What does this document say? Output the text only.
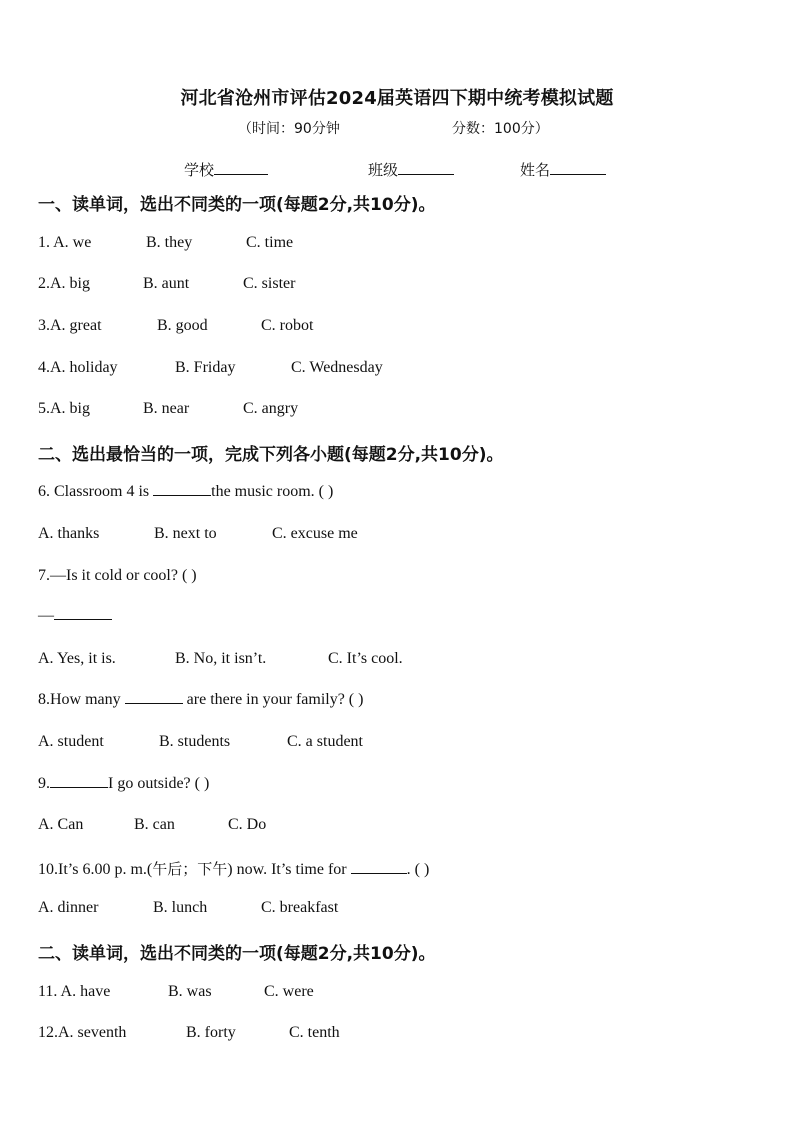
河北省沧州市评估2024届英语四下期中统考模拟试题
（时间：90分钟	分数：100分）
学校	班级	姓名
一、读单词，选出不同类的一项(每题2分,共10分)。
1. A. we	B. they	C. time
2.A. big	B. aunt	C. sister
3.A. great	B. good	C. robot
4.A. holiday	B. Friday	C. Wednesday
5.A. big	B. near	C. angry
二、选出最恰当的一项，完成下列各小题(每题2分,共10分)。
6. Classroom 4 is	the music room. ( )
A. thanks	B. next to	C. excuse me
7.—Is it cold or cool? ( )
—
A. Yes, it is.	B. No, it isn’t.	C. It’s cool.
8.How many	are there in your family? ( )
A. student	B. students	C. a student
9.	I go outside? ( )
A. Can	B. can	C. Do
10.It’s 6.00 p. m.(午后；下午) now. It’s time for	. ( )
A. dinner	B. lunch	C. breakfast
二、读单词，选出不同类的一项(每题2分,共10分)。
11. A. have	B. was	C. were
12.A. seventh	B. forty	C. tenth
